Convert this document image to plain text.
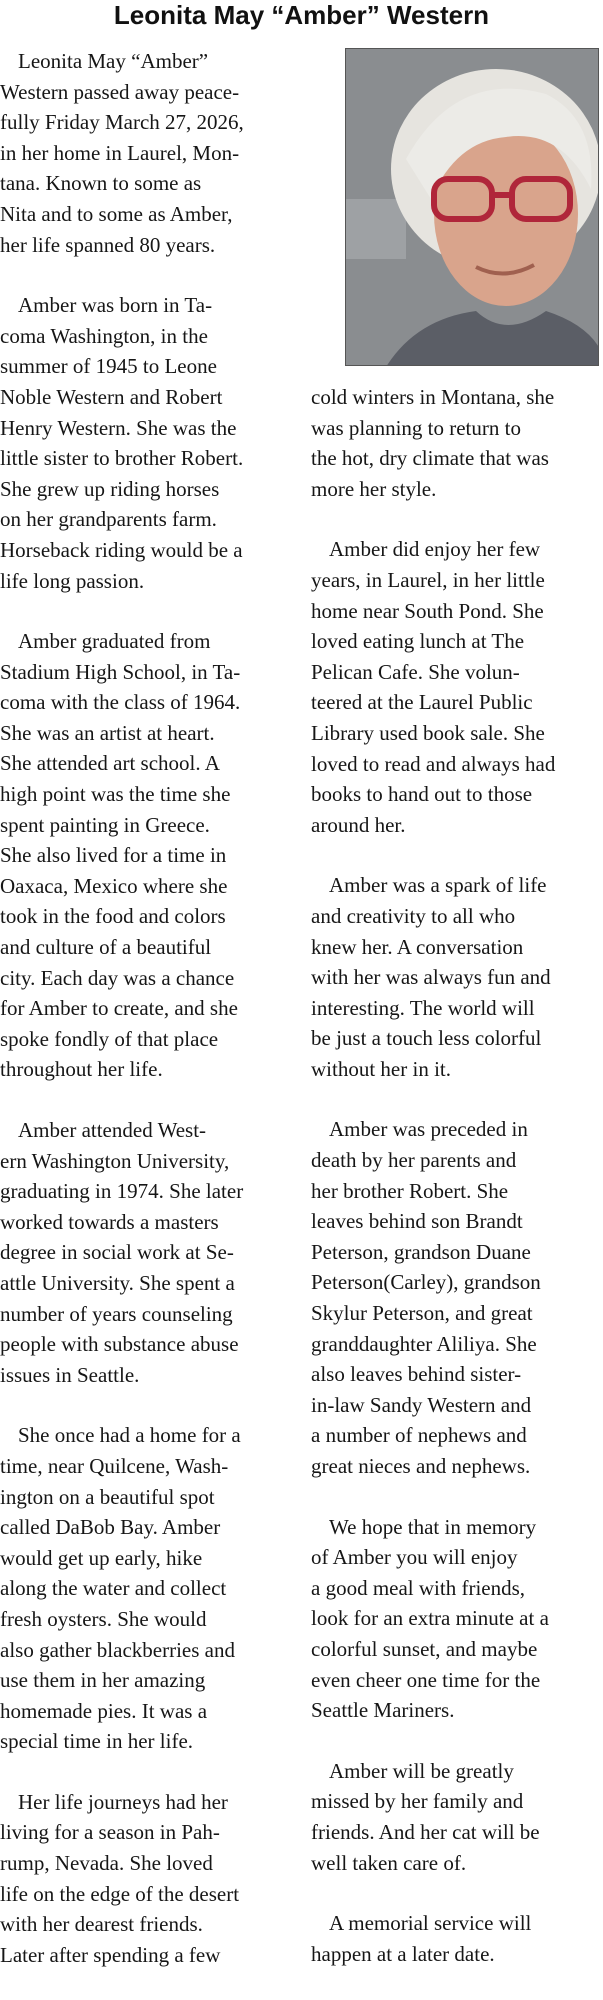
Leonita May “Amber” Western

Leonita May “Amber”
Western passed away peace-
fully Friday March 27, 2026,
in her home in Laurel, Mon-
tana. Known to some as
Nita and to some as Amber,
her life spanned 80 years.

Amber was born in Ta-
coma Washington, in the
summer of 1945 to Leone
Noble Western and Robert
Henry Western. She was the
little sister to brother Robert.
She grew up riding horses
on her grandparents farm.
Horseback riding would be a
life long passion.

Amber graduated from
Stadium High School, in Ta-
coma with the class of 1964.
She was an artist at heart.
She attended art school. A
high point was the time she
spent painting in Greece.
She also lived for a time in
Oaxaca, Mexico where she
took in the food and colors
and culture of a beautiful
city. Each day was a chance
for Amber to create, and she
spoke fondly of that place
throughout her life.

Amber attended West-
ern Washington University,
graduating in 1974. She later
worked towards a masters
degree in social work at Se-
attle University. She spent a
number of years counseling
people with substance abuse
issues in Seattle.

She once had a home for a
time, near Quilcene, Wash-
ington on a beautiful spot
called DaBob Bay. Amber
would get up early, hike
along the water and collect
fresh oysters. She would
also gather blackberries and
use them in her amazing
homemade pies. It was a
special time in her life.

Her life journeys had her
living for a season in Pah-
rump, Nevada. She loved
life on the edge of the desert
with her dearest friends.
Later after spending a few

cold winters in Montana, she
was planning to return to
the hot, dry climate that was
more her style.

Amber did enjoy her few
years, in Laurel, in her little
home near South Pond. She
loved eating lunch at The
Pelican Cafe. She volun-
teered at the Laurel Public
Library used book sale. She
loved to read and always had
books to hand out to those
around her.

Amber was a spark of life
and creativity to all who
knew her. A conversation
with her was always fun and
interesting. The world will
be just a touch less colorful
without her in it.

Amber was preceded in
death by her parents and
her brother Robert. She
leaves behind son Brandt
Peterson, grandson Duane
Peterson(Carley), grandson
Skylur Peterson, and great
granddaughter Aliliya. She
also leaves behind sister-
in-law Sandy Western and
a number of nephews and
great nieces and nephews.

We hope that in memory
of Amber you will enjoy
a good meal with friends,
look for an extra minute at a
colorful sunset, and maybe
even cheer one time for the
Seattle Mariners.

Amber will be greatly
missed by her family and
friends. And her cat will be
well taken care of.

A memorial service will
happen at a later date.
